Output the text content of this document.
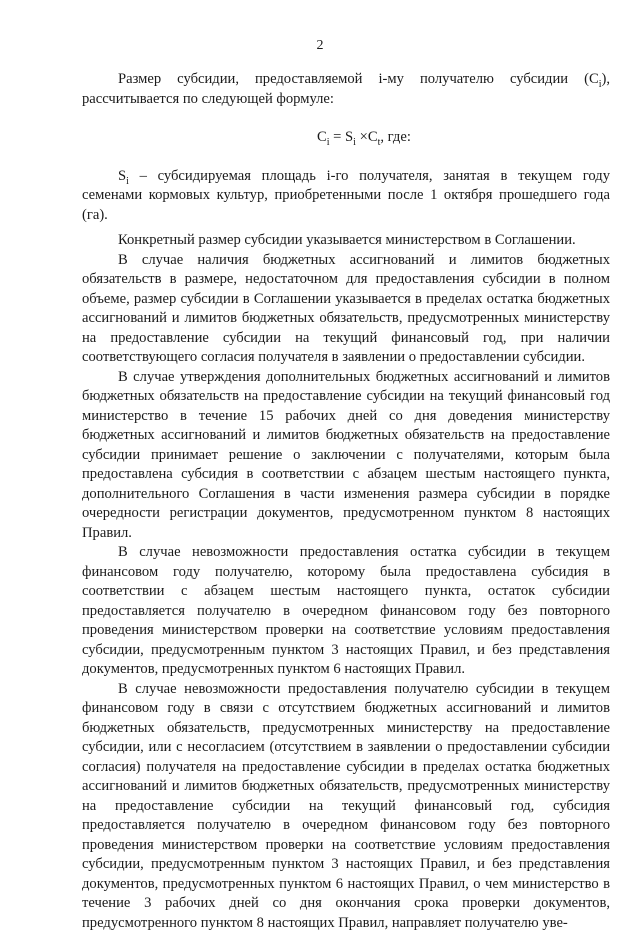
2

Размер субсидии, предоставляемой i-му получателю субсидии $(C_i)$, рассчитывается по следующей формуле:

$C_i = S_i \times C_t$, где:

$S_i$ – субсидируемая площадь i-го получателя, занятая в текущем году семенами кормовых культур, приобретенными после 1 октября прошедшего года (га).

Конкретный размер субсидии указывается министерством в Соглашении.

В случае наличия бюджетных ассигнований и лимитов бюджетных обязательств в размере, недостаточном для предоставления субсидии в полном объеме, размер субсидии в Соглашении указывается в пределах остатка бюджетных ассигнований и лимитов бюджетных обязательств, предусмотренных министерству на предоставление субсидии на текущий финансовый год, при наличии соответствующего согласия получателя в заявлении о предоставлении субсидии.

В случае утверждения дополнительных бюджетных ассигнований и лимитов бюджетных обязательств на предоставление субсидии на текущий финансовый год министерство в течение 15 рабочих дней со дня доведения министерству бюджетных ассигнований и лимитов бюджетных обязательств на предоставление субсидии принимает решение о заключении с получателями, которым была предоставлена субсидия в соответствии с абзацем шестым настоящего пункта, дополнительного Соглашения в части изменения размера субсидии в порядке очередности регистрации документов, предусмотренном пунктом 8 настоящих Правил.

В случае невозможности предоставления остатка субсидии в текущем финансовом году получателю, которому была предоставлена субсидия в соответствии с абзацем шестым настоящего пункта, остаток субсидии предоставляется получателю в очередном финансовом году без повторного проведения министерством проверки на соответствие условиям предоставления субсидии, предусмотренным пунктом 3 настоящих Правил, и без представления документов, предусмотренных пунктом 6 настоящих Правил.

В случае невозможности предоставления получателю субсидии в текущем финансовом году в связи с отсутствием бюджетных ассигнований и лимитов бюджетных обязательств, предусмотренных министерству на предоставление субсидии, или с несогласием (отсутствием в заявлении о предоставлении субсидии согласия) получателя на предоставление субсидии в пределах остатка бюджетных ассигнований и лимитов бюджетных обязательств, предусмотренных министерству на предоставление субсидии на текущий финансовый год, субсидия предоставляется получателю в очередном финансовом году без повторного проведения министерством проверки на соответствие условиям предоставления субсидии, предусмотренным пунктом 3 настоящих Правил, и без представления документов, предусмотренных пунктом 6 настоящих Правил, о чем министерство в течение 3 рабочих дней со дня окончания срока проверки документов, предусмотренного пунктом 8 настоящих Правил, направляет получателю уве-
